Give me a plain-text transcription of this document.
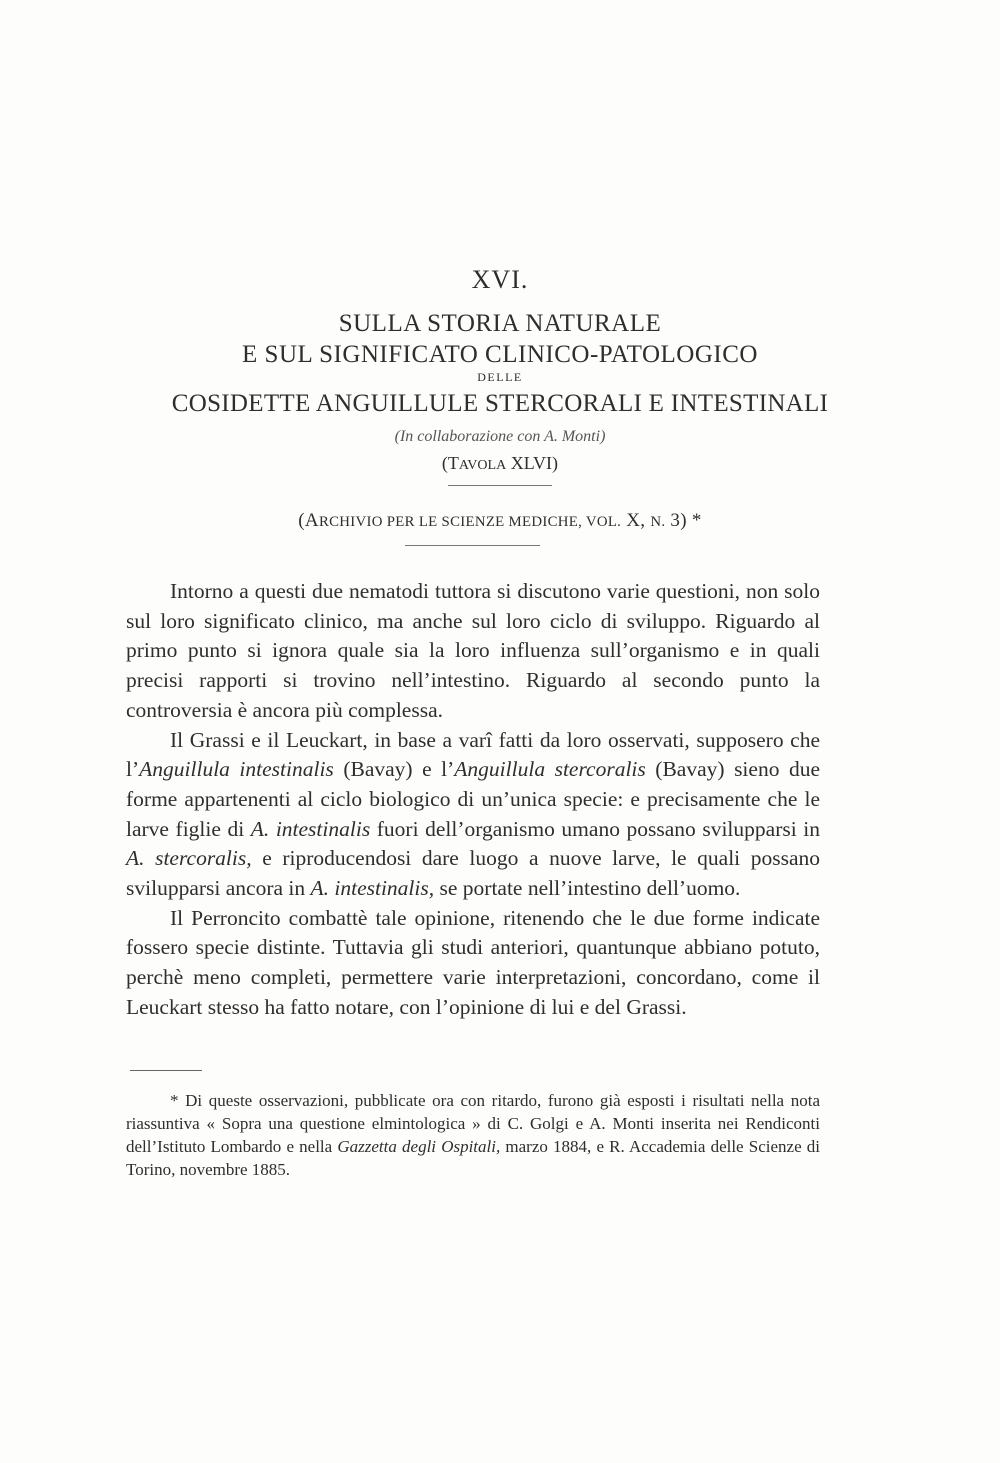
XVI.
SULLA STORIA NATURALE
E SUL SIGNIFICATO CLINICO-PATOLOGICO
DELLE
COSIDETTE ANGUILLULE STERCORALI E INTESTINALI
(In collaborazione con A. Monti)
(TAVOLA XLVI)
(ARCHIVIO PER LE SCIENZE MEDICHE, VOL. X, N. 3) *

Intorno a questi due nematodi tuttora si discutono varie questioni, non solo sul loro significato clinico, ma anche sul loro ciclo di sviluppo. Riguardo al primo punto si ignora quale sia la loro influenza sull’organismo e in quali precisi rapporti si trovino nell’intestino. Riguardo al secondo punto la controversia è ancora più complessa.

Il Grassi e il Leuckart, in base a varî fatti da loro osservati, supposero che l’Anguillula intestinalis (Bavay) e l’Anguillula stercoralis (Bavay) sieno due forme appartenenti al ciclo biologico di un’unica specie: e precisamente che le larve figlie di A. intestinalis fuori dell’organismo umano possano svilupparsi in A. stercoralis, e riproducendosi dare luogo a nuove larve, le quali possano svilupparsi ancora in A. intestinalis, se portate nell’intestino dell’uomo.

Il Perroncito combattè tale opinione, ritenendo che le due forme indicate fossero specie distinte. Tuttavia gli studi anteriori, quantunque abbiano potuto, perchè meno completi, permettere varie interpretazioni, concordano, come il Leuckart stesso ha fatto notare, con l’opinione di lui e del Grassi.

* Di queste osservazioni, pubblicate ora con ritardo, furono già esposti i risultati nella nota riassuntiva « Sopra una questione elmintologica » di C. Golgi e A. Monti inserita nei Rendiconti dell’Istituto Lombardo e nella Gazzetta degli Ospitali, marzo 1884, e R. Accademia delle Scienze di Torino, novembre 1885.
